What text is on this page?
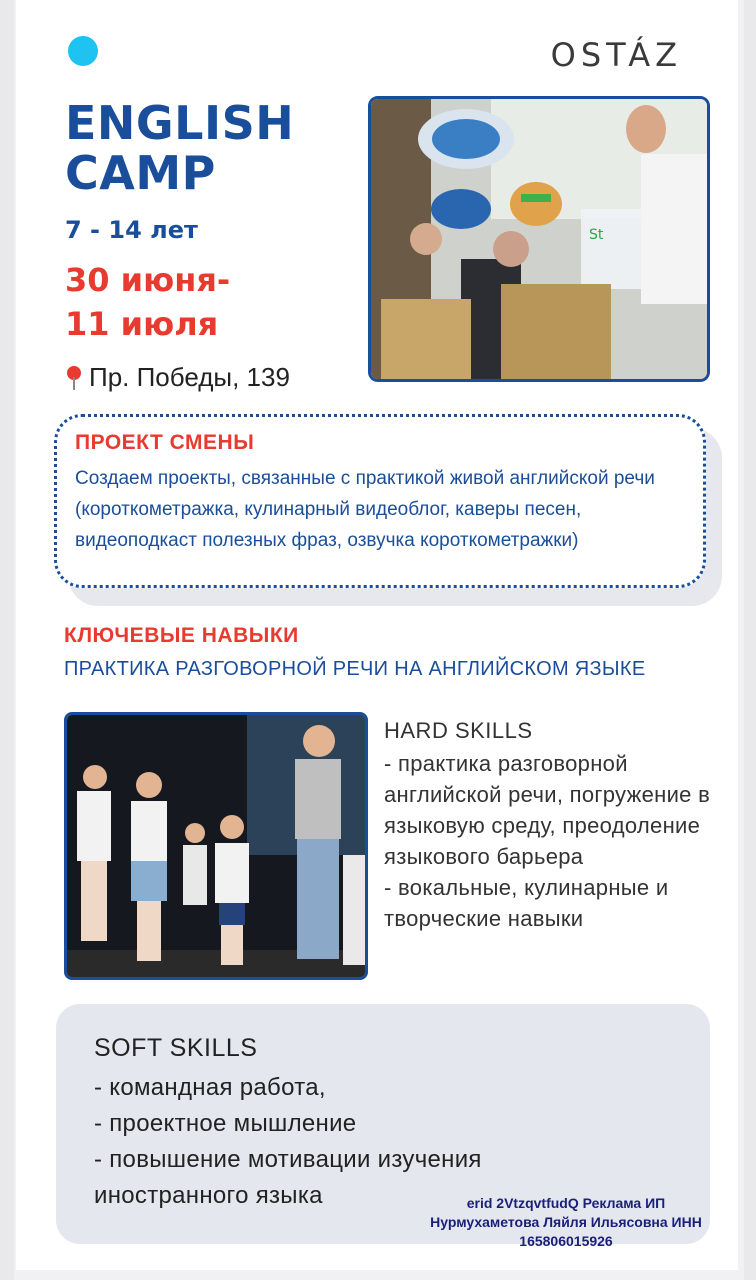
OSTÁZ
ENGLISH CAMP
7 - 14 лет
30 июня-
11 июля
Пр. Победы, 139
St
ПРОЕКТ СМЕНЫ
Создаем проекты, связанные с практикой живой английской речи (короткометражка, кулинарный видеоблог, каверы песен, видеоподкаст полезных фраз, озвучка короткометражки)
КЛЮЧЕВЫЕ НАВЫКИ
ПРАКТИКА РАЗГОВОРНОЙ РЕЧИ НА АНГЛИЙСКОМ ЯЗЫКЕ
HARD SKILLS
- практика разговорной английской речи, погружение в языковую среду, преодоление языкового барьера
- вокальные, кулинарные и творческие навыки
SOFT SKILLS
- командная работа,
- проектное мышление
- повышение мотивации изучения иностранного языка	erid 2VtzqvtfudQ Реклама ИП Нурмухаметова Ляйля Ильясовна ИНН 165806015926
